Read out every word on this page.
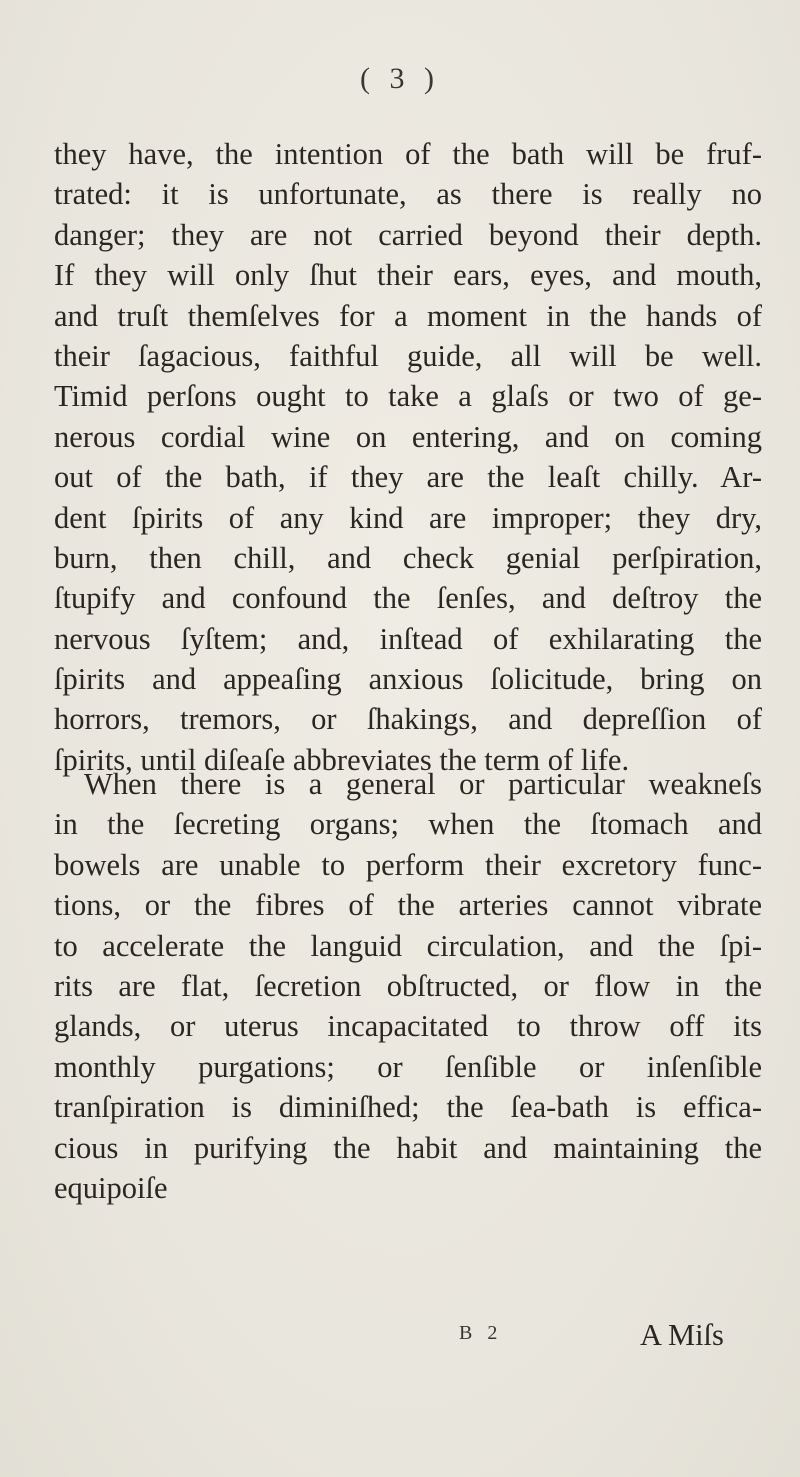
( 3 )
they have, the intention of the bath will be fruf-
trated: it is unfortunate, as there is really no
danger; they are not carried beyond their depth.
If they will only ſhut their ears, eyes, and mouth,
and truſt themſelves for a moment in the hands of
their ſagacious, faithful guide, all will be well.
Timid perſons ought to take a glaſs or two of ge-
nerous cordial wine on entering, and on coming
out of the bath, if they are the leaſt chilly. Ar-
dent ſpirits of any kind are improper; they dry,
burn, then chill, and check genial perſpiration,
ſtupify and confound the ſenſes, and deſtroy the
nervous ſyſtem; and, inſtead of exhilarating the
ſpirits and appeaſing anxious ſolicitude, bring on
horrors, tremors, or ſhakings, and depreſſion of
ſpirits, until diſeaſe abbreviates the term of life.
When there is a general or particular weakneſs
in the ſecreting organs; when the ſtomach and
bowels are unable to perform their excretory func-
tions, or the fibres of the arteries cannot vibrate
to accelerate the languid circulation, and the ſpi-
rits are flat, ſecretion obſtructed, or flow in the
glands, or uterus incapacitated to throw off its
monthly purgations; or ſenſible or inſenſible
tranſpiration is diminiſhed; the ſea-bath is effica-
cious in purifying the habit and maintaining the
equipoiſe
B 2	A Miſs
